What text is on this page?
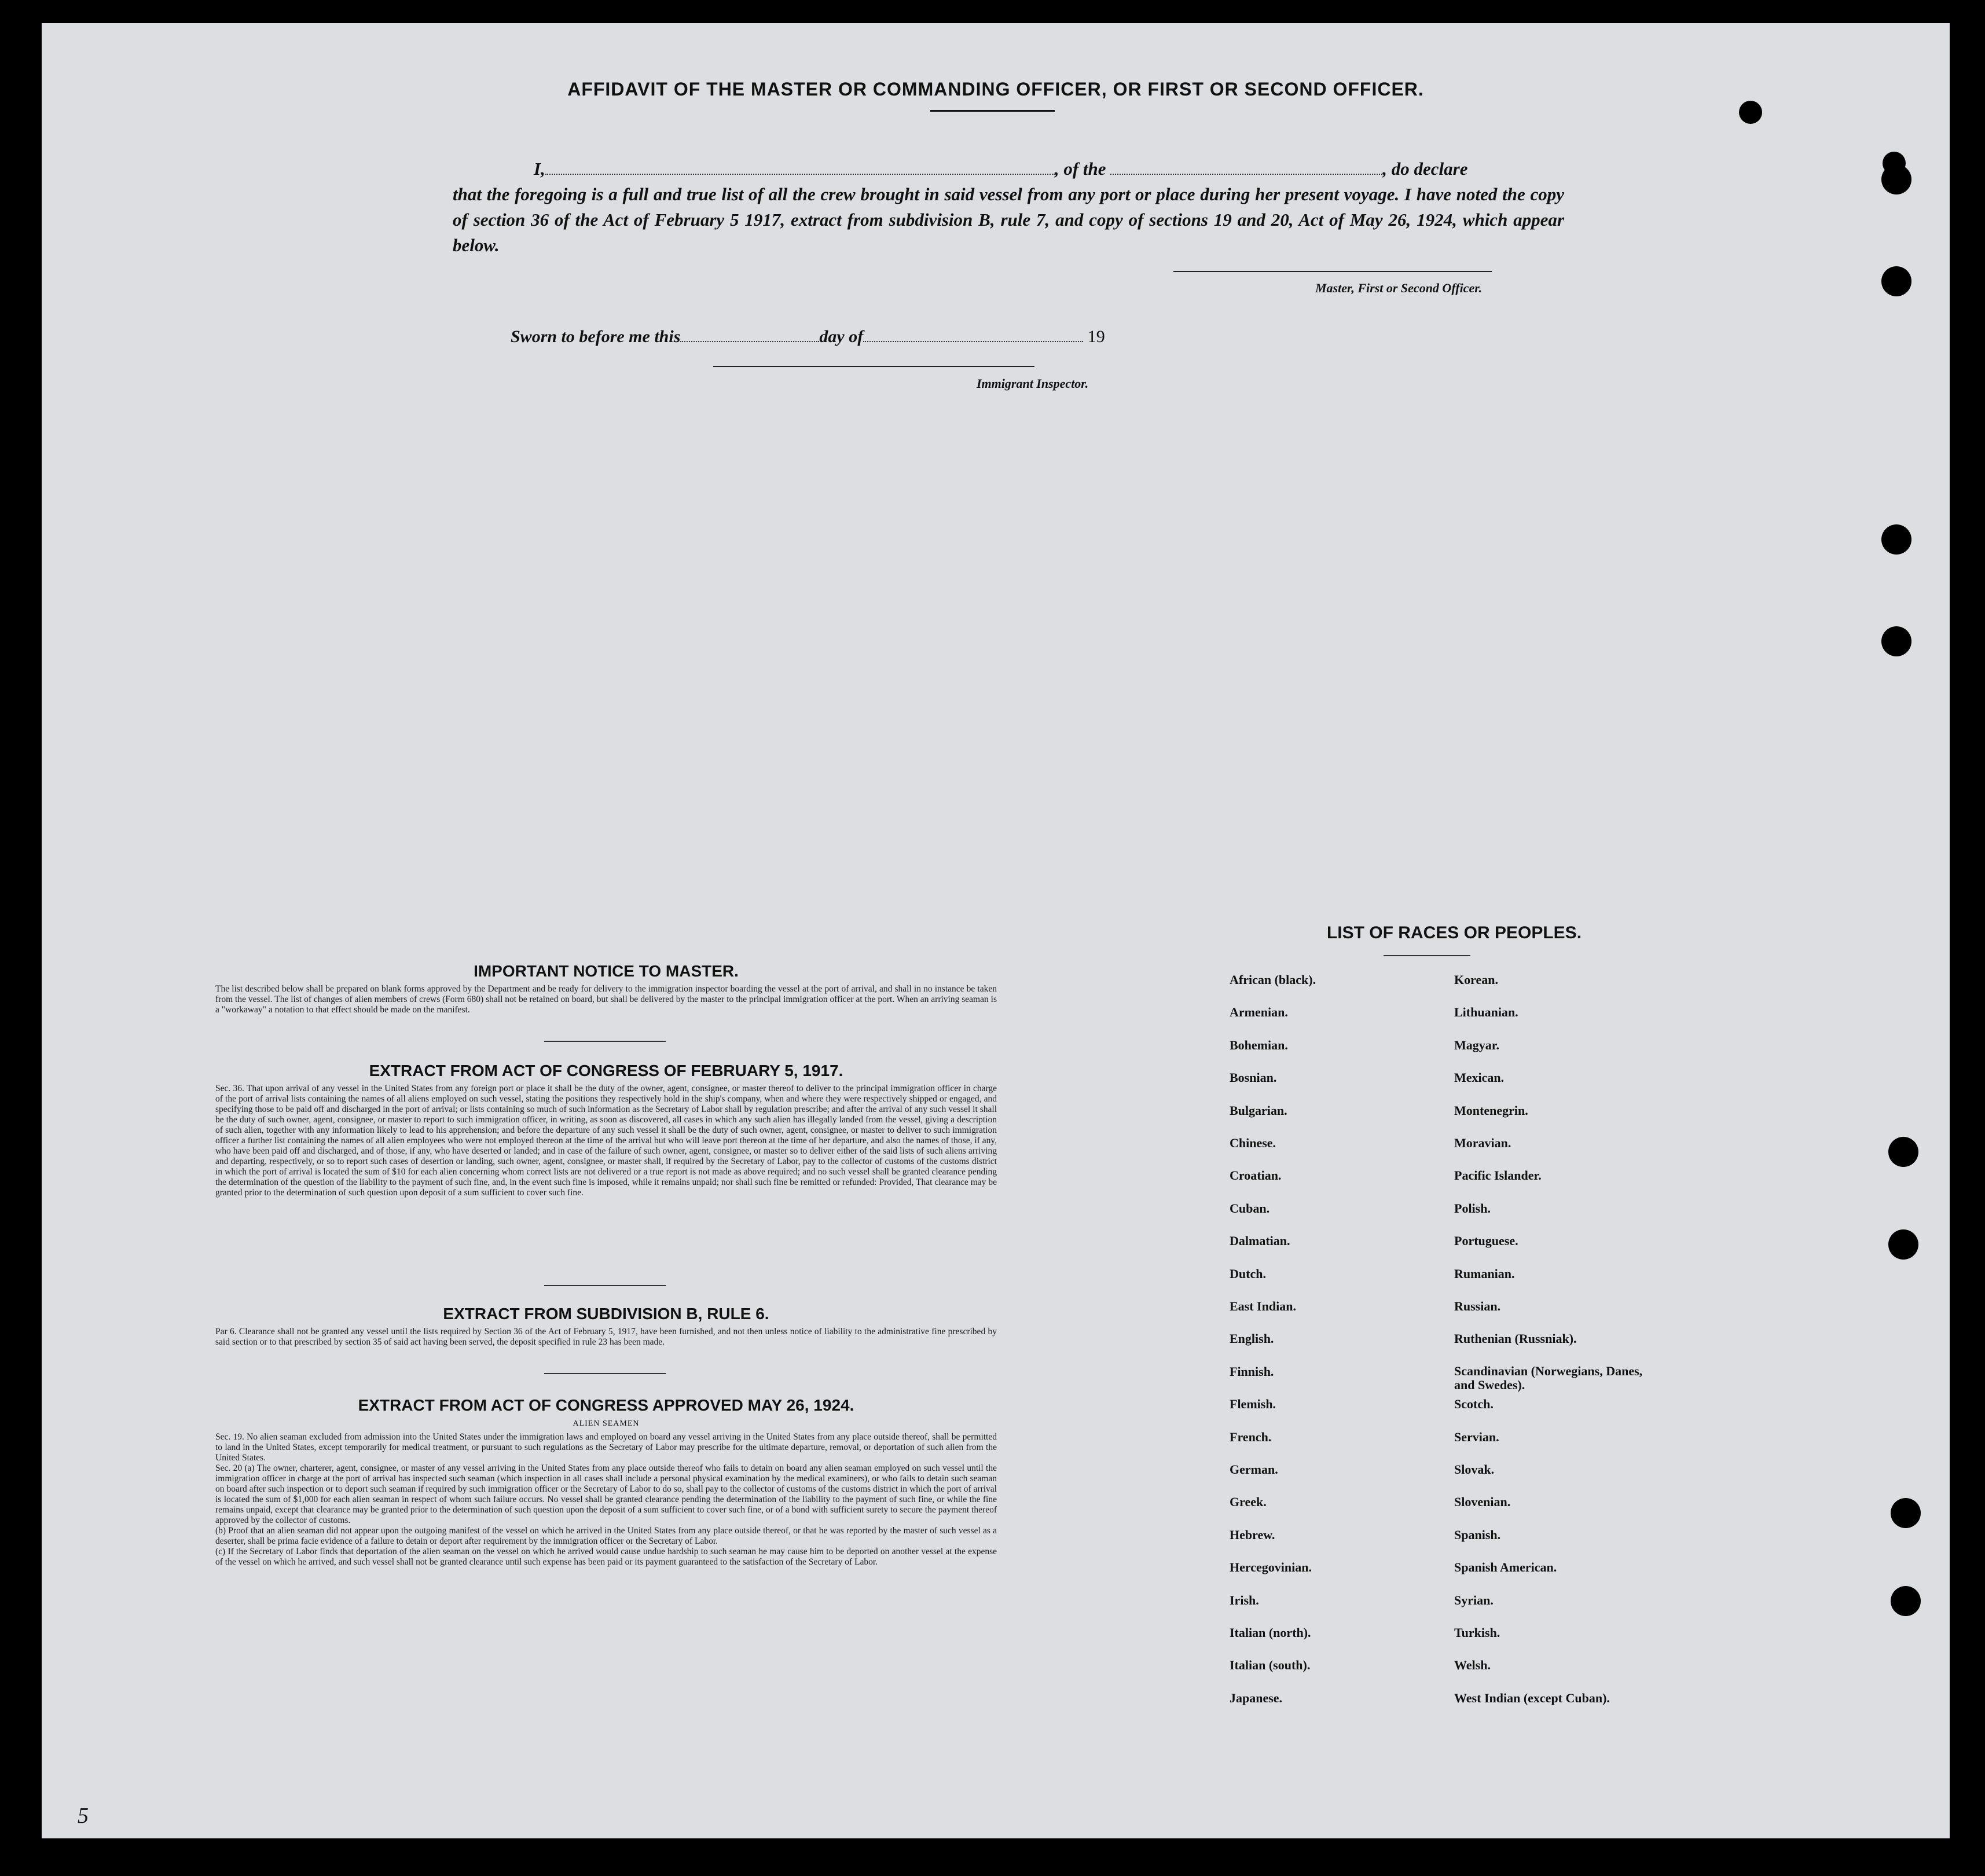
AFFIDAVIT OF THE MASTER OR COMMANDING OFFICER, OR FIRST OR SECOND OFFICER.
I,	, of the	, do declare
that the foregoing is a full and true list of all the crew brought in said vessel from any port or place during her present voyage. I have noted the copy of section 36 of the Act of February 5 1917, extract from subdivision B, rule 7, and copy of sections 19 and 20, Act of May 26, 1924, which appear below.
Master, First or Second Officer.
Sworn to before me this	day of	19
Immigrant Inspector.
IMPORTANT NOTICE TO MASTER.
The list described below shall be prepared on blank forms approved by the Department and be ready for delivery to the immigration inspector boarding the vessel at the port of arrival, and shall in no instance be taken from the vessel. The list of changes of alien members of crews (Form 680) shall not be retained on board, but shall be delivered by the master to the principal immigration officer at the port. When an arriving seaman is a "workaway" a notation to that effect should be made on the manifest.
EXTRACT FROM ACT OF CONGRESS OF FEBRUARY 5, 1917.
Sec. 36. That upon arrival of any vessel in the United States from any foreign port or place it shall be the duty of the owner, agent, consignee, or master thereof to deliver to the principal immigration officer in charge of the port of arrival lists containing the names of all aliens employed on such vessel, stating the positions they respectively hold in the ship's company, when and where they were respectively shipped or engaged, and specifying those to be paid off and discharged in the port of arrival; or lists containing so much of such information as the Secretary of Labor shall by regulation prescribe; and after the arrival of any such vessel it shall be the duty of such owner, agent, consignee, or master to report to such immigration officer, in writing, as soon as discovered, all cases in which any such alien has illegally landed from the vessel, giving a description of such alien, together with any information likely to lead to his apprehension; and before the departure of any such vessel it shall be the duty of such owner, agent, consignee, or master to deliver to such immigration officer a further list containing the names of all alien employees who were not employed thereon at the time of the arrival but who will leave port thereon at the time of her departure, and also the names of those, if any, who have been paid off and discharged, and of those, if any, who have deserted or landed; and in case of the failure of such owner, agent, consignee, or master so to deliver either of the said lists of such aliens arriving and departing, respectively, or so to report such cases of desertion or landing, such owner, agent, consignee, or master shall, if required by the Secretary of Labor, pay to the collector of customs of the customs district in which the port of arrival is located the sum of $10 for each alien concerning whom correct lists are not delivered or a true report is not made as above required; and no such vessel shall be granted clearance pending the determination of the question of the liability to the payment of such fine, and, in the event such fine is imposed, while it remains unpaid; nor shall such fine be remitted or refunded: Provided, That clearance may be granted prior to the determination of such question upon deposit of a sum sufficient to cover such fine.
EXTRACT FROM SUBDIVISION B, RULE 6.
Par 6. Clearance shall not be granted any vessel until the lists required by Section 36 of the Act of February 5, 1917, have been furnished, and not then unless notice of liability to the administrative fine prescribed by said section or to that prescribed by section 35 of said act having been served, the deposit specified in rule 23 has been made.
EXTRACT FROM ACT OF CONGRESS APPROVED MAY 26, 1924.
ALIEN SEAMEN
Sec. 19. No alien seaman excluded from admission into the United States under the immigration laws and employed on board any vessel arriving in the United States from any place outside thereof, shall be permitted to land in the United States, except temporarily for medical treatment, or pursuant to such regulations as the Secretary of Labor may prescribe for the ultimate departure, removal, or deportation of such alien from the United States.
Sec. 20 (a) The owner, charterer, agent, consignee, or master of any vessel arriving in the United States from any place outside thereof who fails to detain on board any alien seaman employed on such vessel until the immigration officer in charge at the port of arrival has inspected such seaman (which inspection in all cases shall include a personal physical examination by the medical examiners), or who fails to detain such seaman on board after such inspection or to deport such seaman if required by such immigration officer or the Secretary of Labor to do so, shall pay to the collector of customs of the customs district in which the port of arrival is located the sum of $1,000 for each alien seaman in respect of whom such failure occurs. No vessel shall be granted clearance pending the determination of the liability to the payment of such fine, or while the fine remains unpaid, except that clearance may be granted prior to the determination of such question upon the deposit of a sum sufficient to cover such fine, or of a bond with sufficient surety to secure the payment thereof approved by the collector of customs.
(b) Proof that an alien seaman did not appear upon the outgoing manifest of the vessel on which he arrived in the United States from any place outside thereof, or that he was reported by the master of such vessel as a deserter, shall be prima facie evidence of a failure to detain or deport after requirement by the immigration officer or the Secretary of Labor.
(c) If the Secretary of Labor finds that deportation of the alien seaman on the vessel on which he arrived would cause undue hardship to such seaman he may cause him to be deported on another vessel at the expense of the vessel on which he arrived, and such vessel shall not be granted clearance until such expense has been paid or its payment guaranteed to the satisfaction of the Secretary of Labor.
LIST OF RACES OR PEOPLES.
African (black).
Armenian.
Bohemian.
Bosnian.
Bulgarian.
Chinese.
Croatian.
Cuban.
Dalmatian.
Dutch.
East Indian.
English.
Finnish.
Flemish.
French.
German.
Greek.
Hebrew.
Hercegovinian.
Irish.
Italian (north).
Italian (south).
Japanese.
Korean.
Lithuanian.
Magyar.
Mexican.
Montenegrin.
Moravian.
Pacific Islander.
Polish.
Portuguese.
Rumanian.
Russian.
Ruthenian (Russniak).
Scandinavian (Norwegians, Danes, and Swedes).
Scotch.
Servian.
Slovak.
Slovenian.
Spanish.
Spanish American.
Syrian.
Turkish.
Welsh.
West Indian (except Cuban).
5
